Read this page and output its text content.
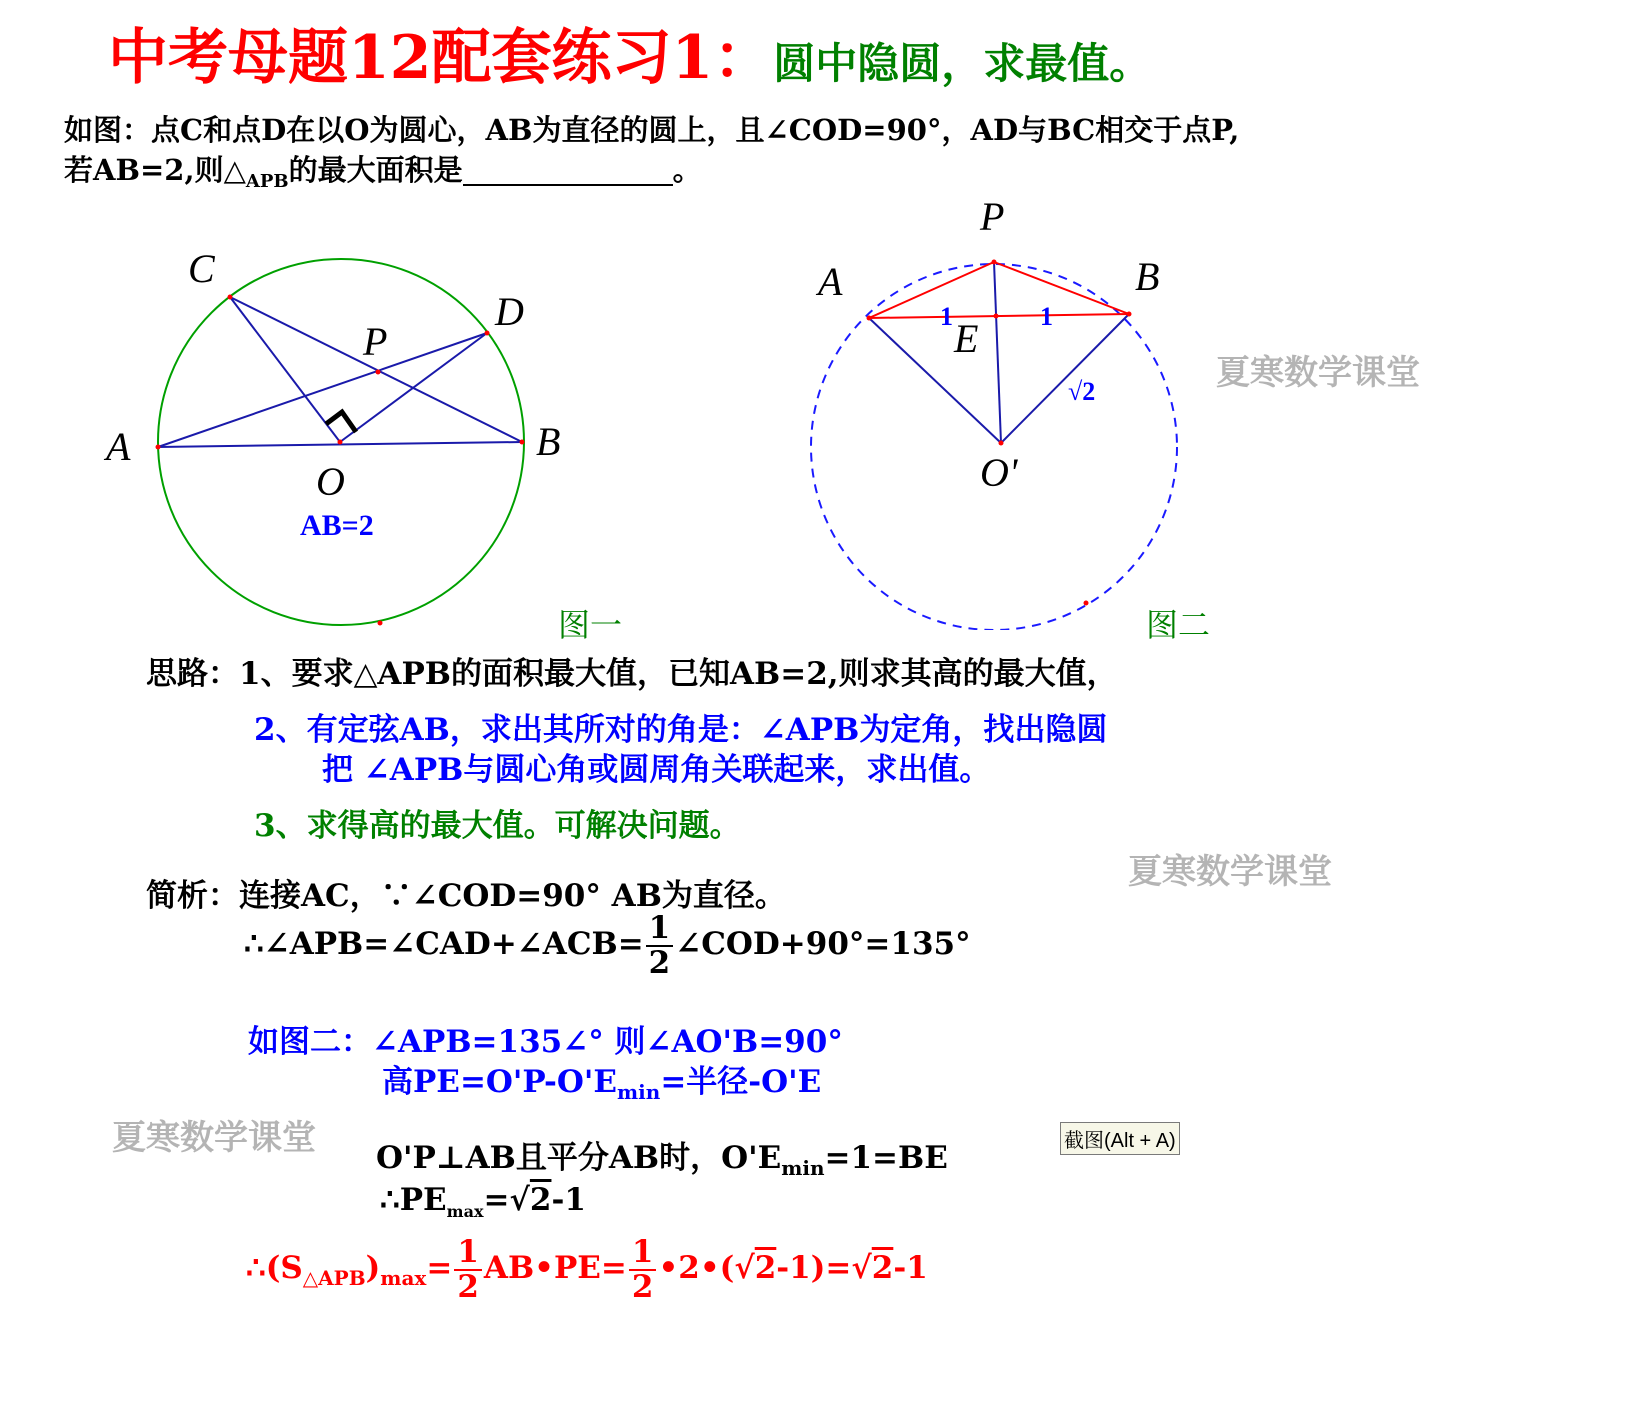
中考母题12配套练习1：圆中隐圆，求最值。
如图：点C和点D在以O为圆心，AB为直径的圆上，且∠COD=90°，AD与BC相交于点P,
若AB=2,则$\triangle_{APB}$的最大面积是	。
C
D
P
A	B
O
AB=2
图一
P
A	B
E
O'
1	1
√2
图二
夏寒数学课堂
夏寒数学课堂
夏寒数学课堂
思路：1、要求△APB的面积最大值，已知AB=2,则求其高的最大值，
2、有定弦AB，求出其所对的角是：∠APB为定角，找出隐圆
把 ∠APB与圆心角或圆周角关联起来，求出值。
3、求得高的最大值。可解决问题。
简析：连接AC，∵∠COD=90° AB为直径。
∴∠APB=∠CAD+∠ACB= $\frac{1}{2}$ ∠COD+90°=135°
如图二：∠APB=135∠° 则∠AO'B=90°
高$PE=O'P-O'E_{min}=$半径-O'E
O'P⊥AB且平分AB时，$O'E_{min}=1=BE$
$\therefore PE_{max}=√2-1$
$\therefore(S_{\triangle APB})_{max}= \frac{1}{2}$ AB•PE= $\frac{1}{2}$ •2•(√2-1)=√2-1
截图(Alt + A)
